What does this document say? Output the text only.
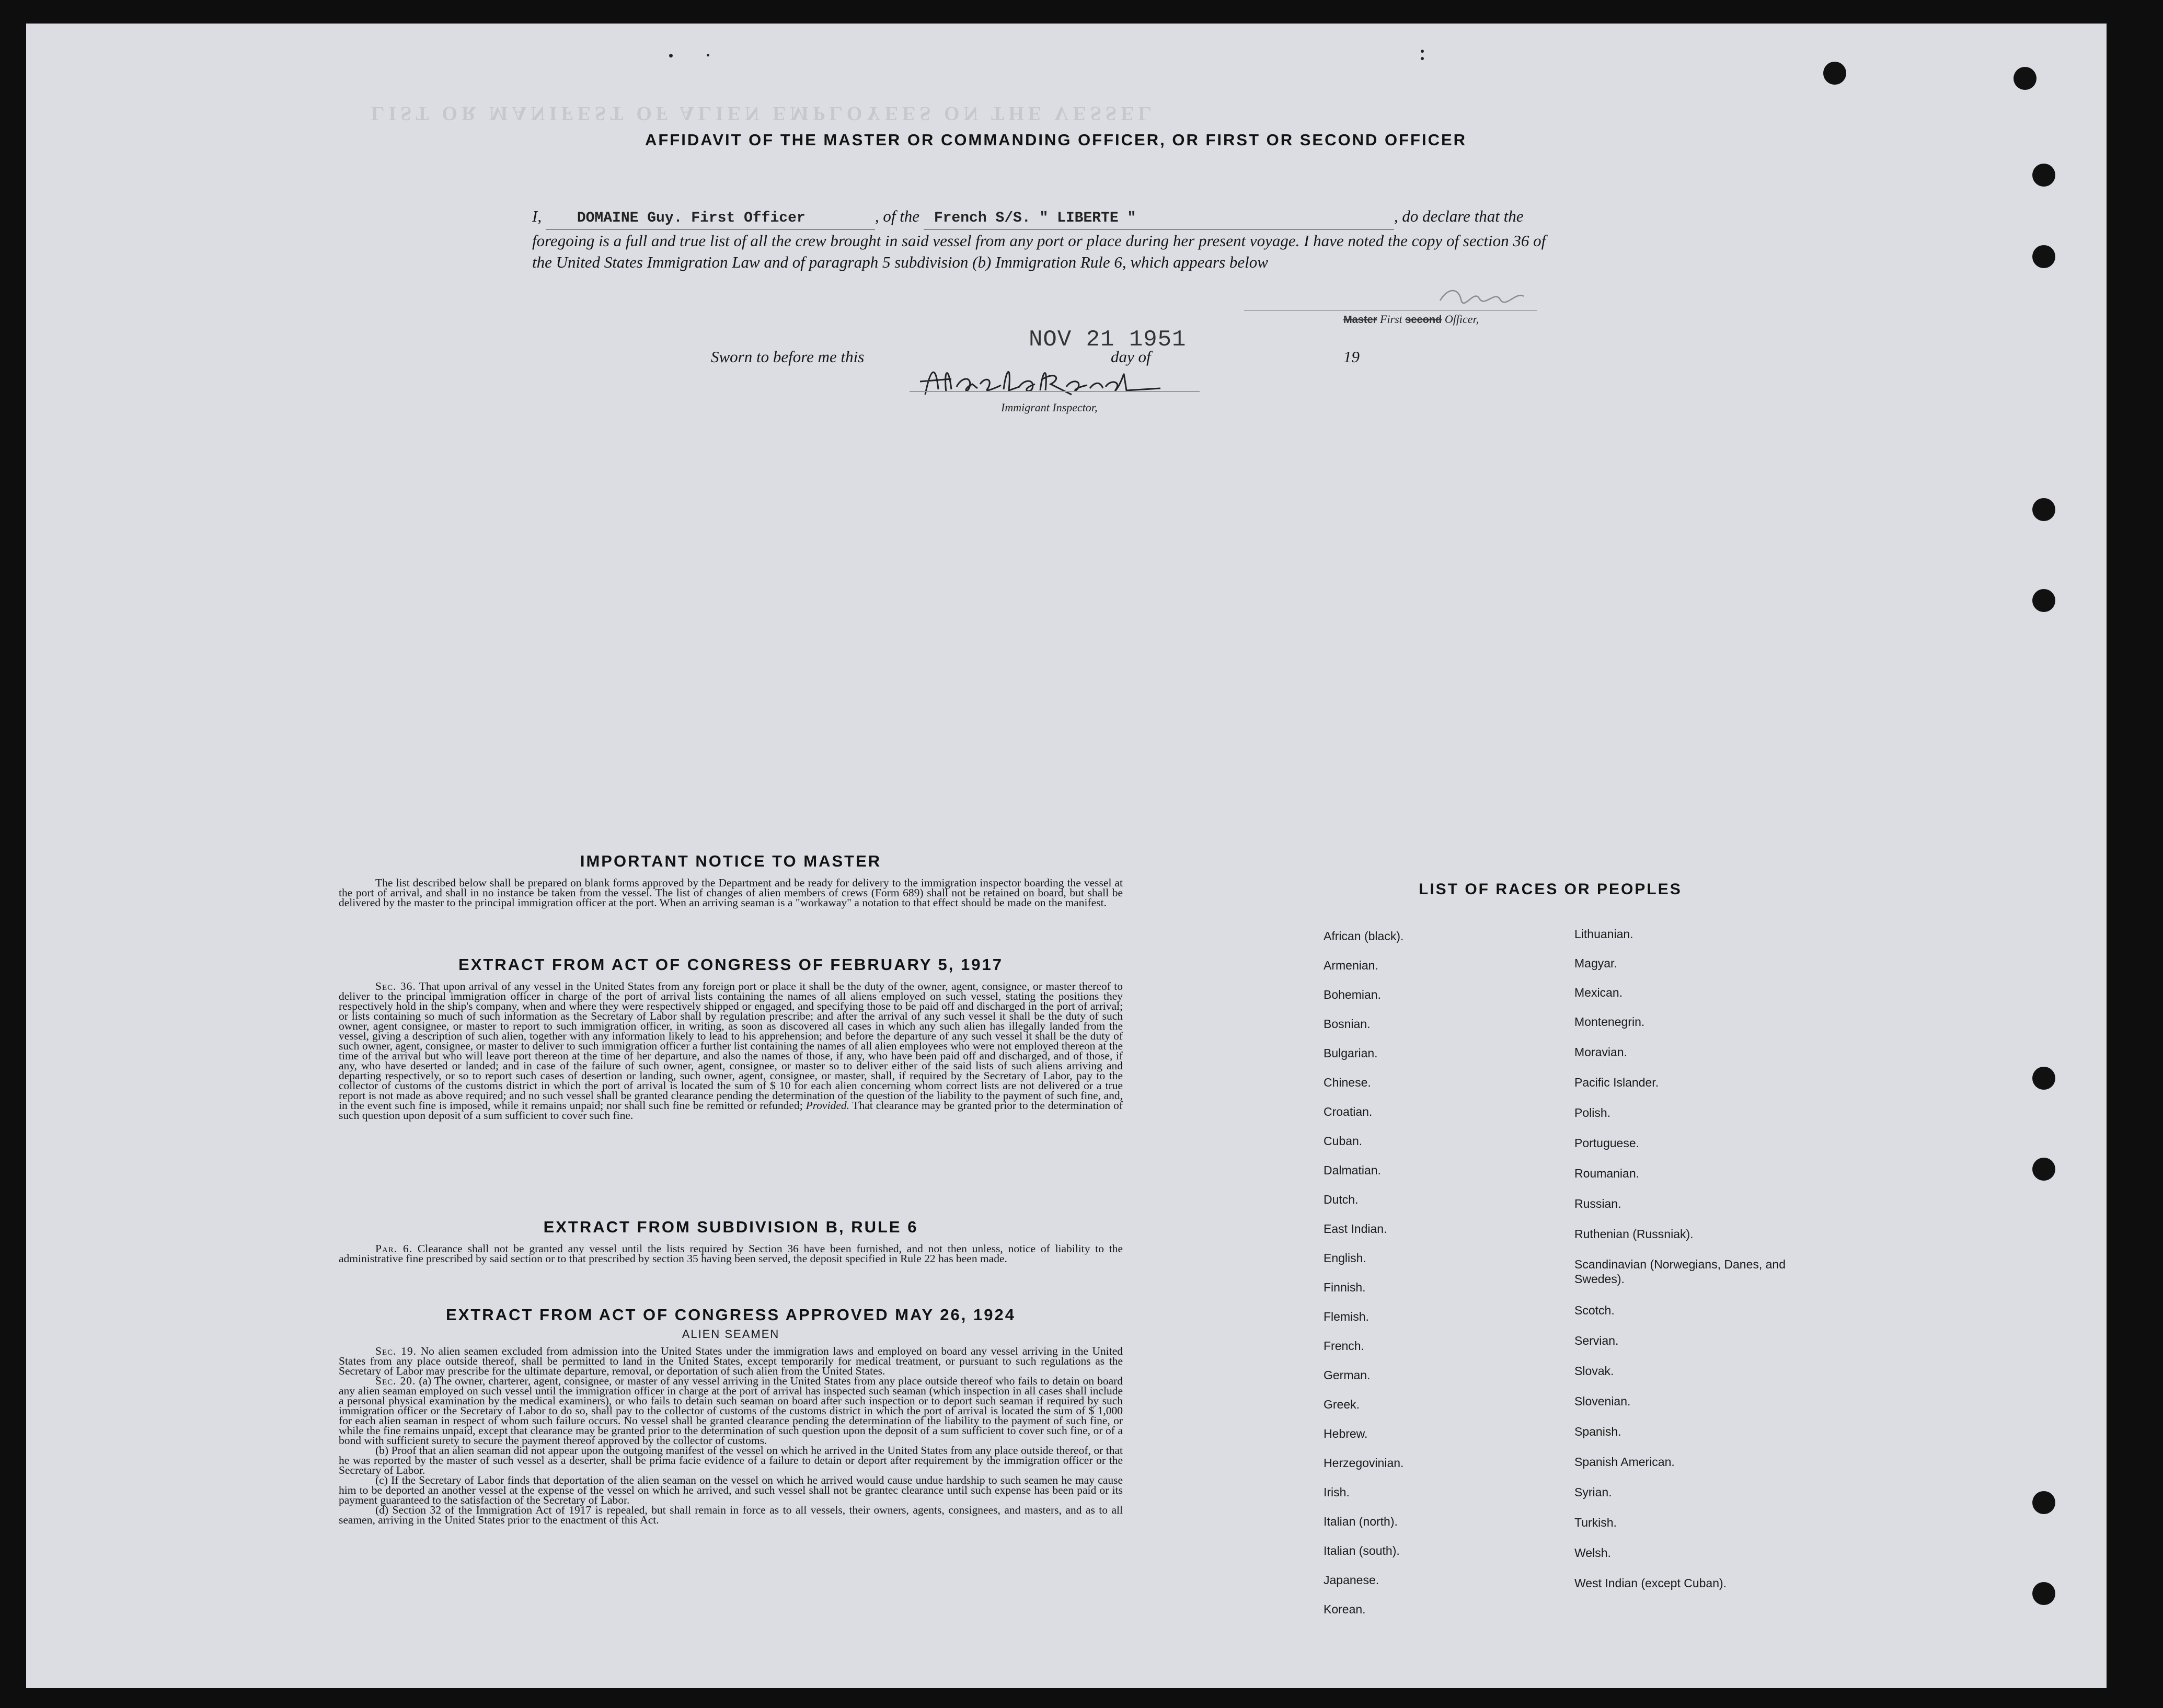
LIST OR MANIFEST OF ALIEN EMPLOYEES ON THE VESSEL
AFFIDAVIT OF THE MASTER OR COMMANDING OFFICER, OR FIRST OR SECOND OFFICER
I, DOMAINE Guy. First Officer	, of the French S/S. " LIBERTE "	, do declare that the foregoing is a full and true list of all the crew brought in said vessel from any port or place during her present voyage. I have noted the copy of section 36 of the United States Immigration Law and of paragraph 5 subdivision (b) Immigration Rule 6, which appears below
Master First second Officer,
Sworn to before me this
NOV 21 1951
day of	19
Immigrant Inspector,
IMPORTANT NOTICE TO MASTER

The list described below shall be prepared on blank forms approved by the Department and be ready for delivery to the immigration inspector boarding the vessel at the port of arrival, and shall in no instance be taken from the vessel. The list of changes of alien members of crews (Form 689) shall not be retained on board, but shall be delivered by the master to the principal immigration officer at the port. When an arriving seaman is a "workaway" a notation to that effect should be made on the manifest.

EXTRACT FROM ACT OF CONGRESS OF FEBRUARY 5, 1917

Sec. 36. That upon arrival of any vessel in the United States from any foreign port or place it shall be the duty of the owner, agent, consignee, or master thereof to deliver to the principal immigration officer in charge of the port of arrival lists containing the names of all aliens employed on such vessel, stating the positions they respectively hold in the ship's company, when and where they were respectively shipped or engaged, and specifying those to be paid off and discharged in the port of arrival; or lists containing so much of such information as the Secretary of Labor shall by regulation prescribe; and after the arrival of any such vessel it shall be the duty of such owner, agent consignee, or master to report to such immigration officer, in writing, as soon as discovered all cases in which any such alien has illegally landed from the vessel, giving a description of such alien, together with any information likely to lead to his apprehension; and before the departure of any such vessel it shall be the duty of such owner, agent, consignee, or master to deliver to such immigration officer a further list containing the names of all alien employees who were not employed thereon at the time of the arrival but who will leave port thereon at the time of her departure, and also the names of those, if any, who have been paid off and discharged, and of those, if any, who have deserted or landed; and in case of the failure of such owner, agent, consignee, or master so to deliver either of the said lists of such aliens arriving and departing respectively, or so to report such cases of desertion or landing, such owner, agent, consignee, or master, shall, if required by the Secretary of Labor, pay to the collector of customs of the customs district in which the port of arrival is located the sum of $ 10 for each alien concerning whom correct lists are not delivered or a true report is not made as above required; and no such vessel shall be granted clearance pending the determination of the question of the liability to the payment of such fine, and, in the event such fine is imposed, while it remains unpaid; nor shall such fine be remitted or refunded; Provided. That clearance may be granted prior to the determination of such question upon deposit of a sum sufficient to cover such fine.

EXTRACT FROM SUBDIVISION B, RULE 6

Par. 6. Clearance shall not be granted any vessel until the lists required by Section 36 have been furnished, and not then unless, notice of liability to the administrative fine prescribed by said section or to that prescribed by section 35 having been served, the deposit specified in Rule 22 has been made.

EXTRACT FROM ACT OF CONGRESS APPROVED MAY 26, 1924
ALIEN SEAMEN

Sec. 19. No alien seamen excluded from admission into the United States under the immigration laws and employed on board any vessel arriving in the United States from any place outside thereof, shall be permitted to land in the United States, except temporarily for medical treatment, or pursuant to such regulations as the Secretary of Labor may prescribe for the ultimate departure, removal, or deportation of such alien from the United States.

Sec. 20. (a) The owner, charterer, agent, consignee, or master of any vessel arriving in the United States from any place outside thereof who fails to detain on board any alien seaman employed on such vessel until the immigration officer in charge at the port of arrival has inspected such seaman (which inspection in all cases shall include a personal physical examination by the medical examiners), or who fails to detain such seaman on board after such inspection or to deport such seaman if required by such immigration officer or the Secretary of Labor to do so, shall pay to the collector of customs of the customs district in which the port of arrival is located the sum of $ 1,000 for each alien seaman in respect of whom such failure occurs. No vessel shall be granted clearance pending the determination of the liability to the payment of such fine, or while the fine remains unpaid, except that clearance may be granted prior to the determination of such question upon the deposit of a sum sufficient to cover such fine, or of a bond with sufficient surety to secure the payment thereof approved by the collector of customs.

(b) Proof that an alien seaman did not appear upon the outgoing manifest of the vessel on which he arrived in the United States from any place outside thereof, or that he was reported by the master of such vessel as a deserter, shall be prima facie evidence of a failure to detain or deport after requirement by the immigration officer or the Secretary of Labor.

(c) If the Secretary of Labor finds that deportation of the alien seaman on the vessel on which he arrived would cause undue hardship to such seamen he may cause him to be deported an another vessel at the expense of the vessel on which he arrived, and such vessel shall not be grantec clearance until such expense has been paid or its payment guaranteed to the satisfaction of the Secretary of Labor.

(d) Section 32 of the Immigration Act of 1917 is repealed, but shall remain in force as to all vessels, their owners, agents, consignees, and masters, and as to all seamen, arriving in the United States prior to the enactment of this Act.

LIST OF RACES OR PEOPLES
African (black).
Armenian.
Bohemian.
Bosnian.
Bulgarian.
Chinese.
Croatian.
Cuban.
Dalmatian.
Dutch.
East Indian.
English.
Finnish.
Flemish.
French.
German.
Greek.
Hebrew.
Herzegovinian.
Irish.
Italian (north).
Italian (south).
Japanese.
Korean.
Lithuanian.
Magyar.
Mexican.
Montenegrin.
Moravian.
Pacific Islander.
Polish.
Portuguese.
Roumanian.
Russian.
Ruthenian (Russniak).
Scandinavian (Norwegians, Danes, and Swedes).
Scotch.
Servian.
Slovak.
Slovenian.
Spanish.
Spanish American.
Syrian.
Turkish.
Welsh.
West Indian (except Cuban).
